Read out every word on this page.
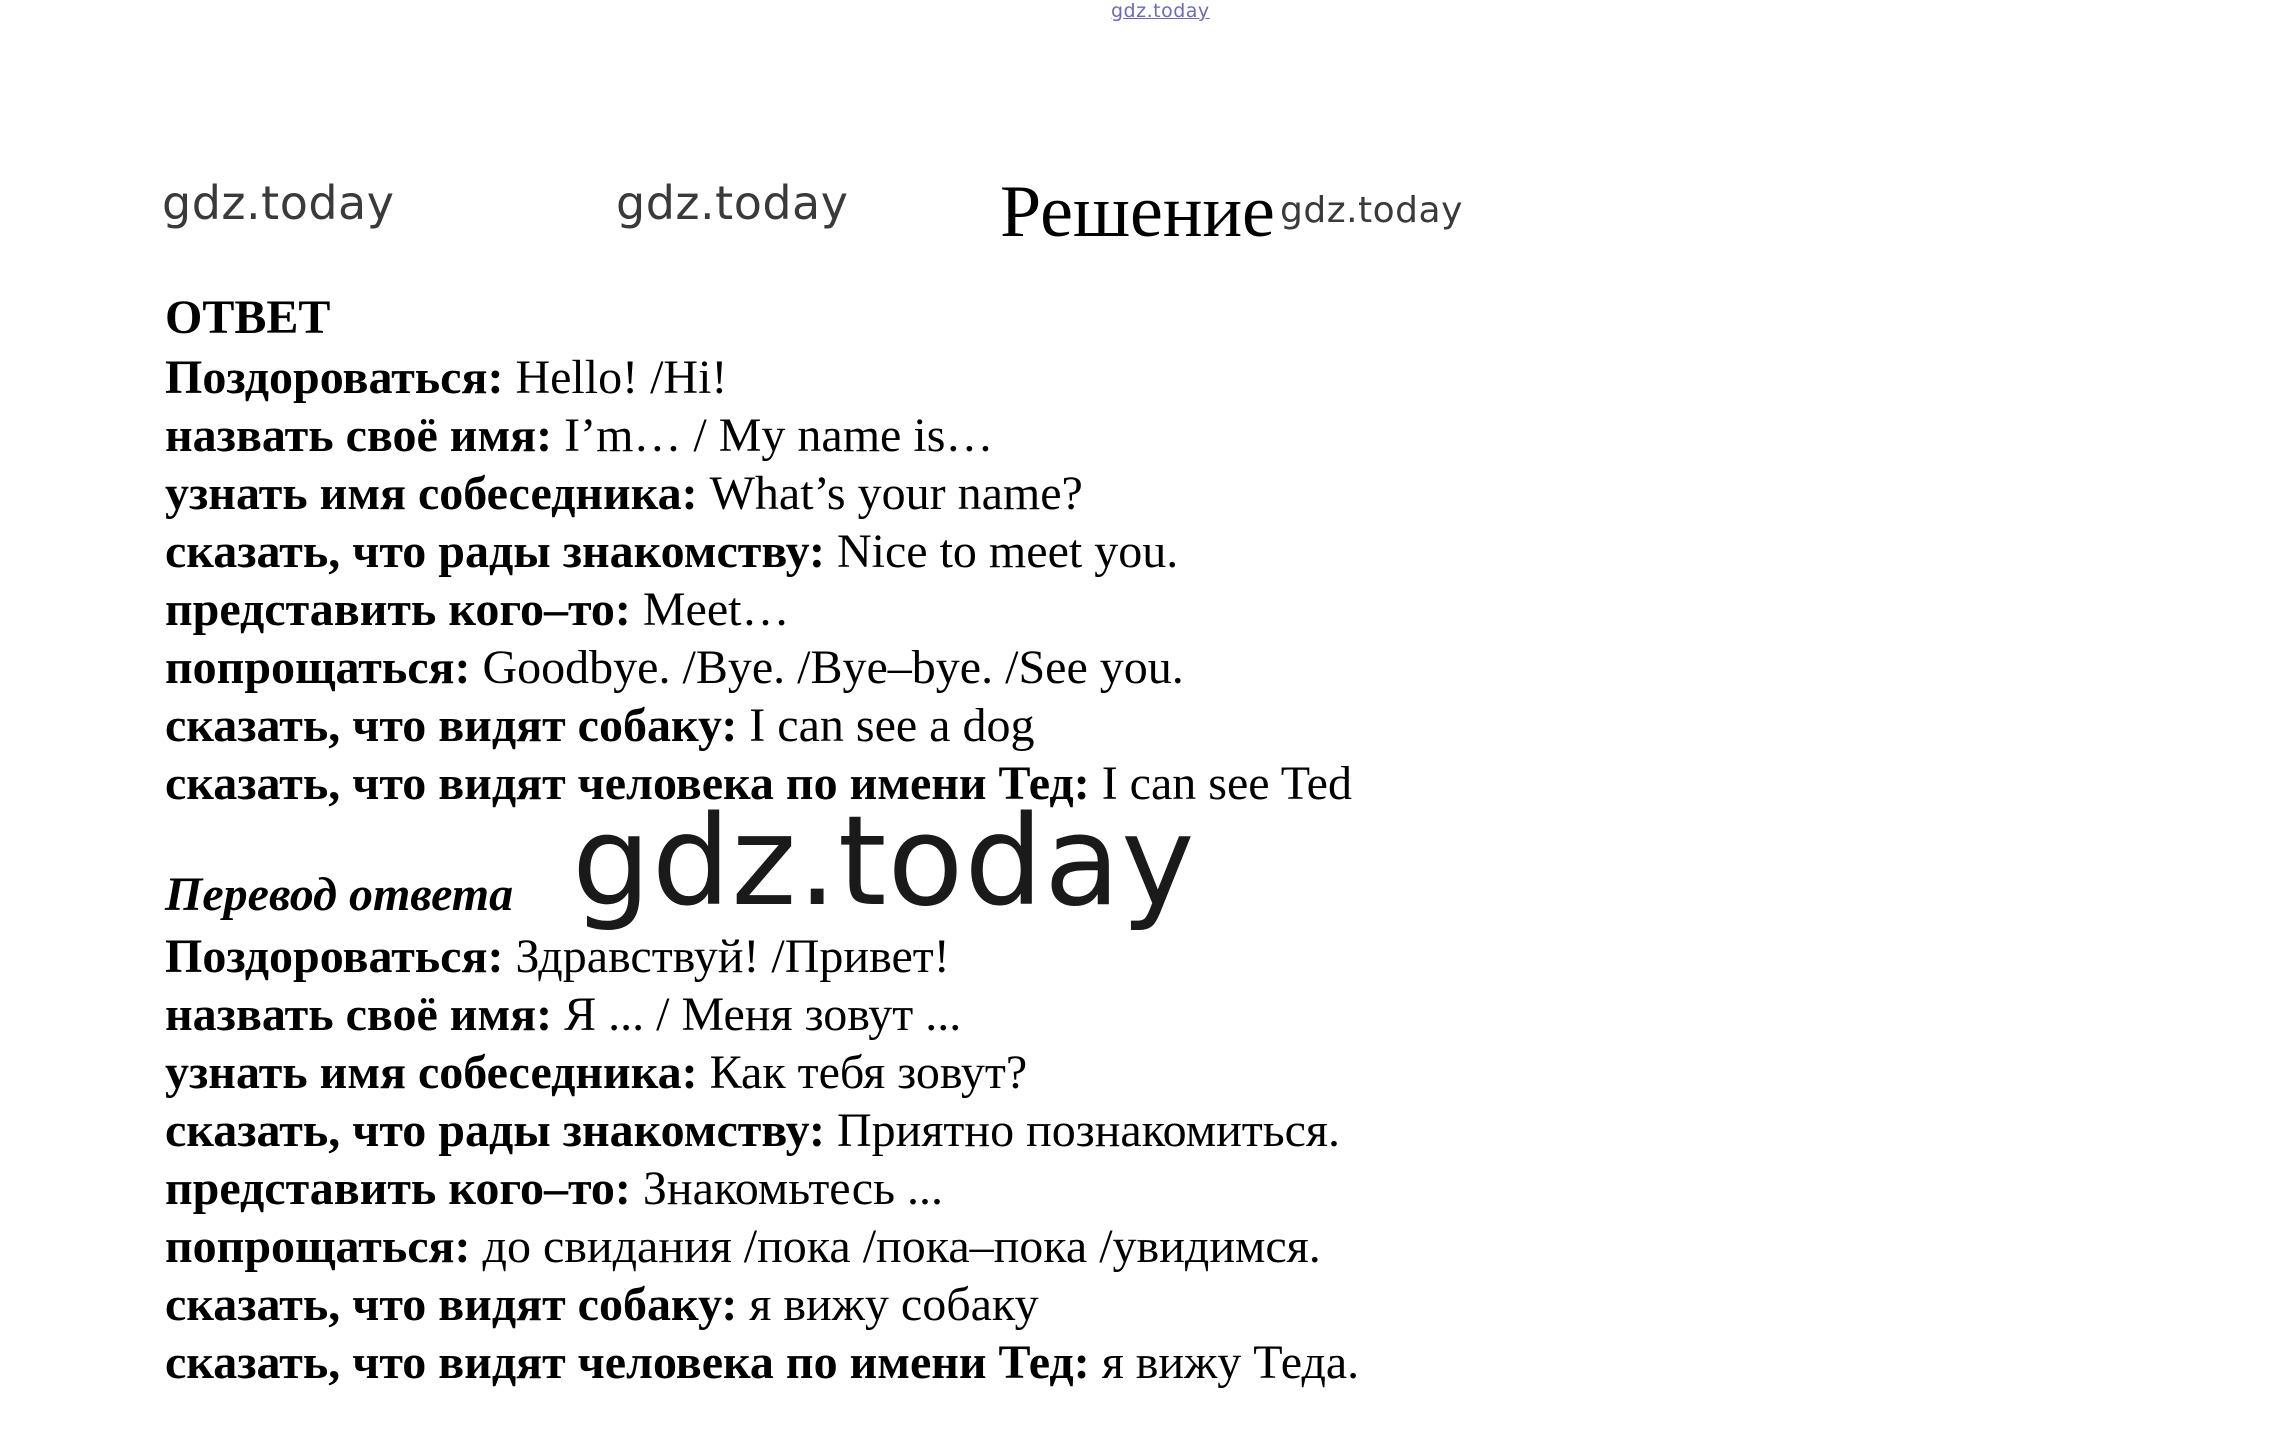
gdz.today
gdz.today	gdz.today	gdz.today
Решение
ОТВЕТ
Поздороваться: Hello! /Hi!
назвать своё имя: I’m… / My name is…
узнать имя собеседника: What’s your name?
сказать, что рады знакомству: Nice to meet you.
представить кого–то: Meet…
попрощаться: Goodbye. /Bye. /Bye–bye. /See you.
сказать, что видят собаку: I can see a dog
сказать, что видят человека по имени Тед: I can see Ted
gdz.today
Перевод ответа
Поздороваться: Здравствуй! /Привет!
назвать своё имя: Я ... / Меня зовут ...
узнать имя собеседника: Как тебя зовут?
сказать, что рады знакомству: Приятно познакомиться.
представить кого–то: Знакомьтесь ...
попрощаться: до свидания /пока /пока–пока /увидимся.
сказать, что видят собаку: я вижу собаку
сказать, что видят человека по имени Тед: я вижу Теда.
